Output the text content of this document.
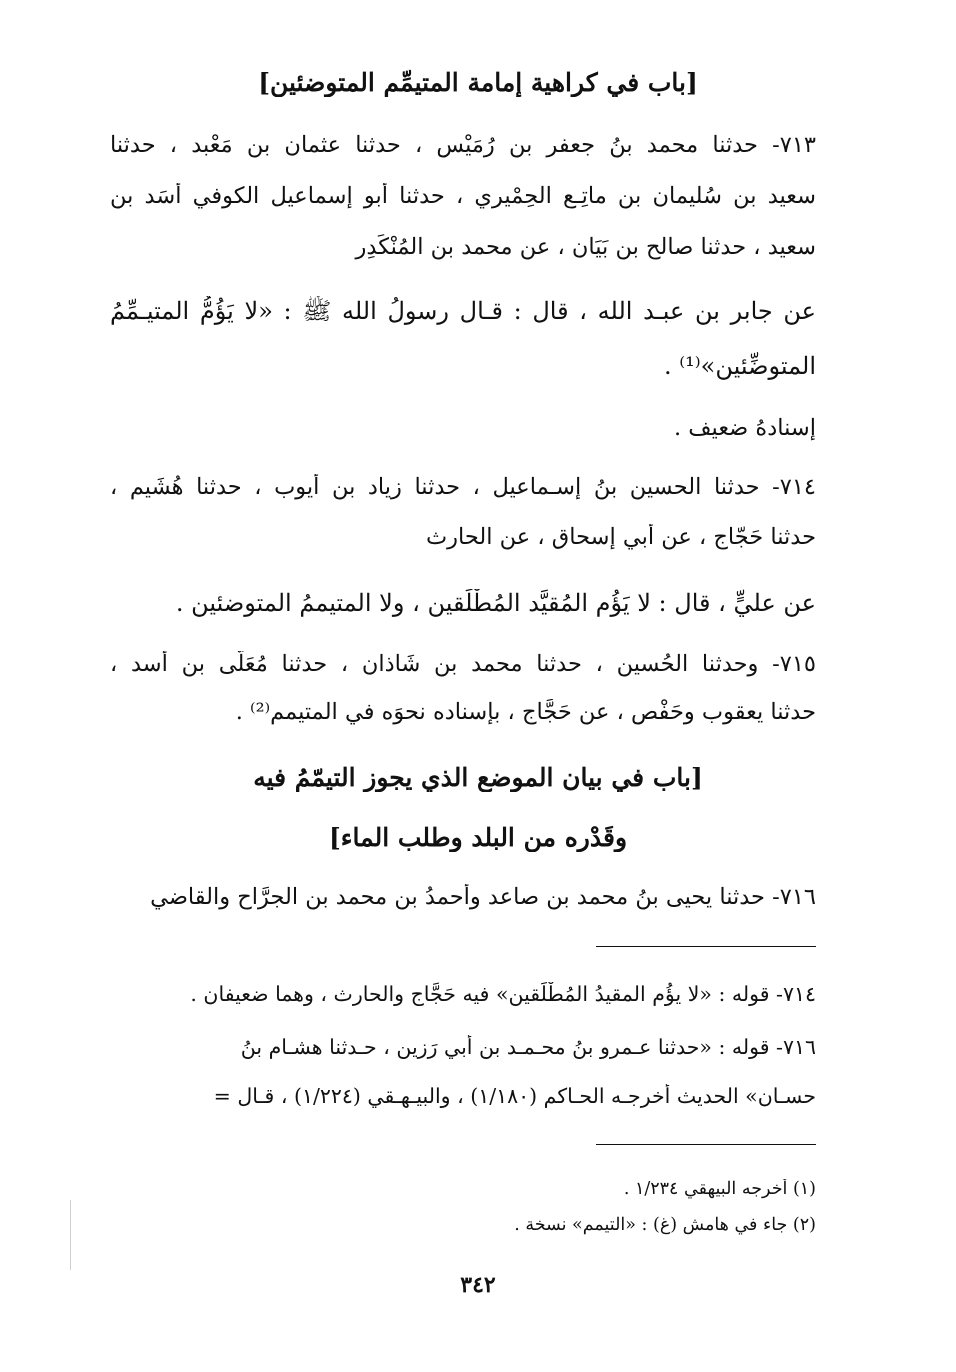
[باب في كراهية إمامة المتيمِّم المتوضئين]
٧١٣- حدثنا محمد بنُ جعفر بن رُمَيْس ، حدثنا عثمان بن مَعْبد ، حدثنا
سعيد بن سُليمان بن ماتِـع الحِمْيري ، حدثنا أبو إسماعيل الكوفي أسَد بن
سعيد ، حدثنا صالح بن بَيَان ، عن محمد بن المُنْكَدِر
عن جابر بن عبـد الله ، قال : قـال رسولُ الله ﷺ : «لا يَؤُمُّ المتيـمِّمُ
المتوضِّئين»⁽¹⁾ .
إسنادهُ ضعيف .
٧١٤- حدثنا الحسين بنُ إسـماعيل ، حدثنا زياد بن أيوب ، حدثنا هُشَيم ،
حدثنا حَجّاج ، عن أبي إسحاق ، عن الحارث
عن عليٍّ ، قال : لا يَؤُم المُقيَّد المُطْلَقين ، ولا المتيممُ المتوضئين .
٧١٥- وحدثنا الحُسين ، حدثنا محمد بن شَاذان ، حدثنا مُعَلّى بن أسد ،
حدثنا يعقوب وحَفْص ، عن حَجَّاج ، بإسناده نحوَه في المتيمم⁽²⁾ .
[باب في بيان الموضع الذي يجوز التيمّمُ فيه
وقَدْره من البلد وطلب الماء]
٧١٦- حدثنا يحيى بنُ محمد بن صاعد وأحمدُ بن محمد بن الجرَّاح والقاضي
٧١٤- قوله : «لا يؤُم المقيدُ المُطْلَقين» فيه حَجَّاج والحارث ، وهما ضعيفان .
٧١٦- قوله : «حدثنا عـمرو بنُ محـمـد بن أبي رَزين ، حـدثنا هشـام بنُ
حسـان» الحديث أخرجـه الحـاكم (١/١٨٠) ، والبيـهـقي (١/٢٢٤) ، قـال =
(١) أخرجه البيهقي ١/٢٣٤ .
(٢) جاء في هامش (غ) : «التيمم» نسخة .
٣٤٢
